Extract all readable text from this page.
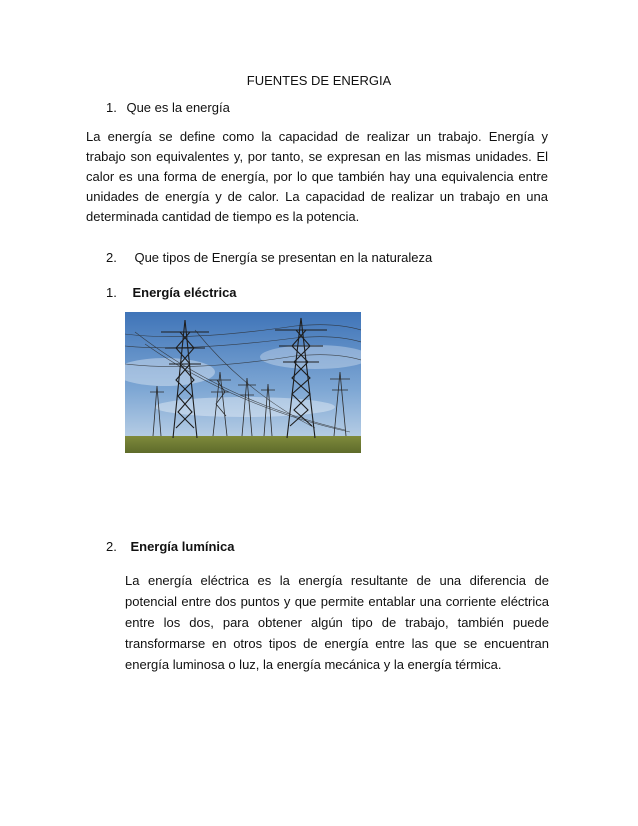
FUENTES DE ENERGIA
1. Que es la energía
La energía se define como la capacidad de realizar un trabajo. Energía y trabajo son equivalentes y, por tanto, se expresan en las mismas unidades. El calor es una forma de energía, por lo que también hay una equivalencia entre unidades de energía y de calor. La capacidad de realizar un trabajo en una determinada cantidad de tiempo es la potencia.
2. Que tipos de Energía se presentan en la naturaleza
1. Energía eléctrica
2. Energía lumínica
La energía eléctrica es la energía resultante de una diferencia de potencial entre dos puntos y que permite entablar una corriente eléctrica entre los dos, para obtener algún tipo de trabajo, también puede transformarse en otros tipos de energía entre las que se encuentran energía luminosa o luz, la energía mecánica y la energía térmica.
